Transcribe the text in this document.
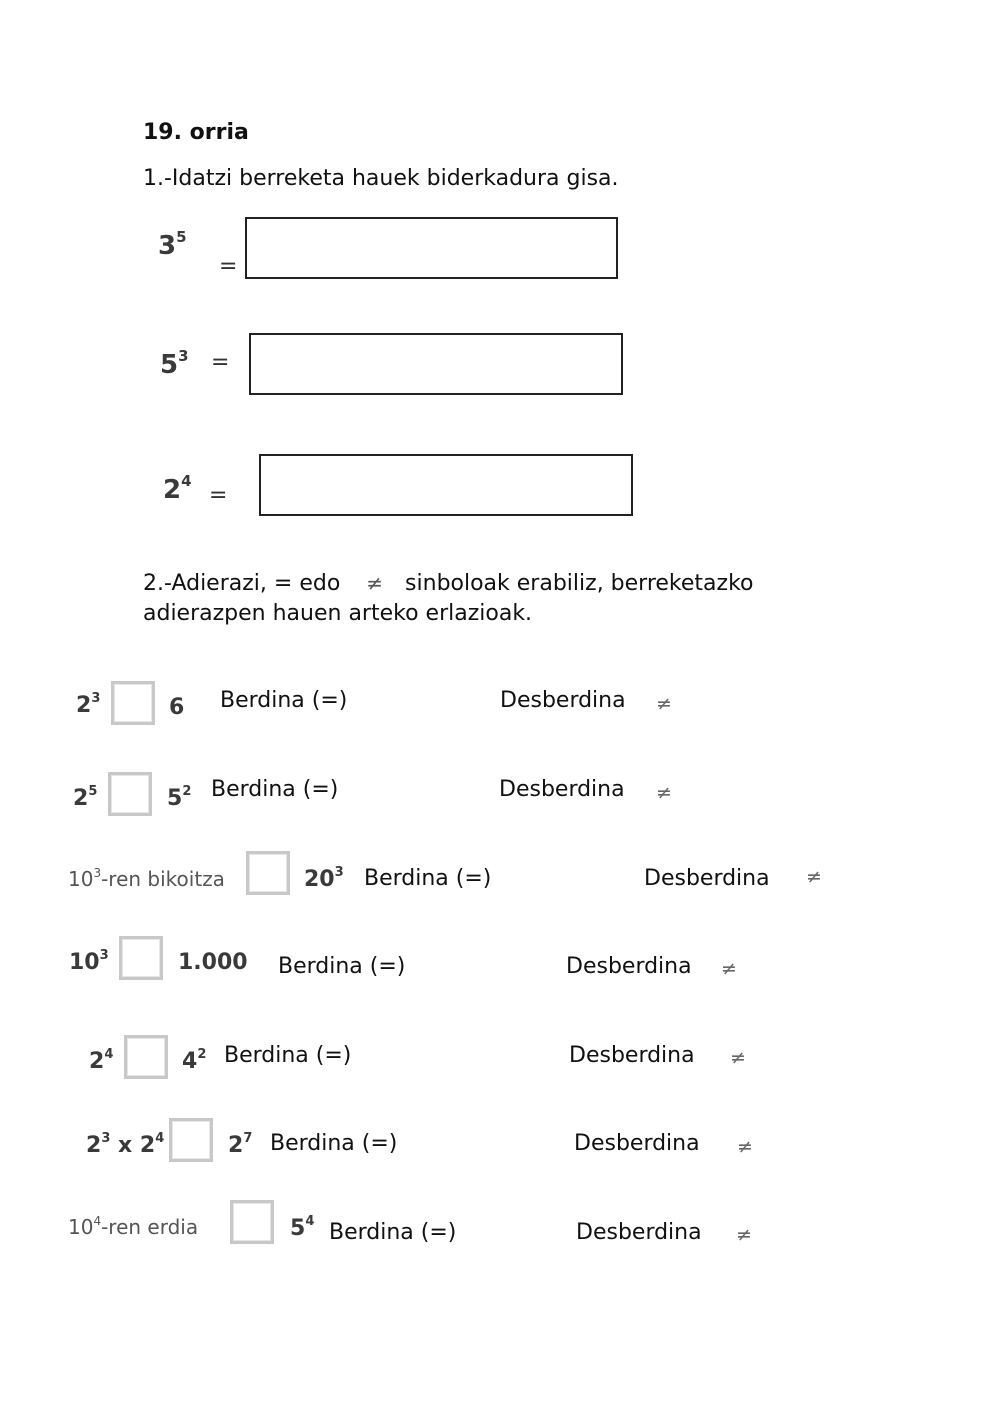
19. orria
1.-Idatzi berreketa hauek biderkadura gisa.
$3^5$
=
$5^3$ =
$2^4$
=
2.-Adierazi, = edo ≠ sinboloak erabiliz, berreketazko adierazpen hauen arteko erlazioak.
$2^3$	6 Berdina (=)	Desberdina ≠
$2^5$	$5^2$ Berdina (=)	Desberdina ≠
$10^3$-ren bikoitza	$20^3$ Berdina (=)	Desberdina ≠
$10^3$	1.000 Berdina (=)	Desberdina ≠
$2^4$	$4^2$ Berdina (=)	Desberdina ≠
$2^3$ x $2^4$	$2^7$ Berdina (=)	Desberdina ≠
$10^4$-ren erdia	$5^4$ Berdina (=)	Desberdina ≠
